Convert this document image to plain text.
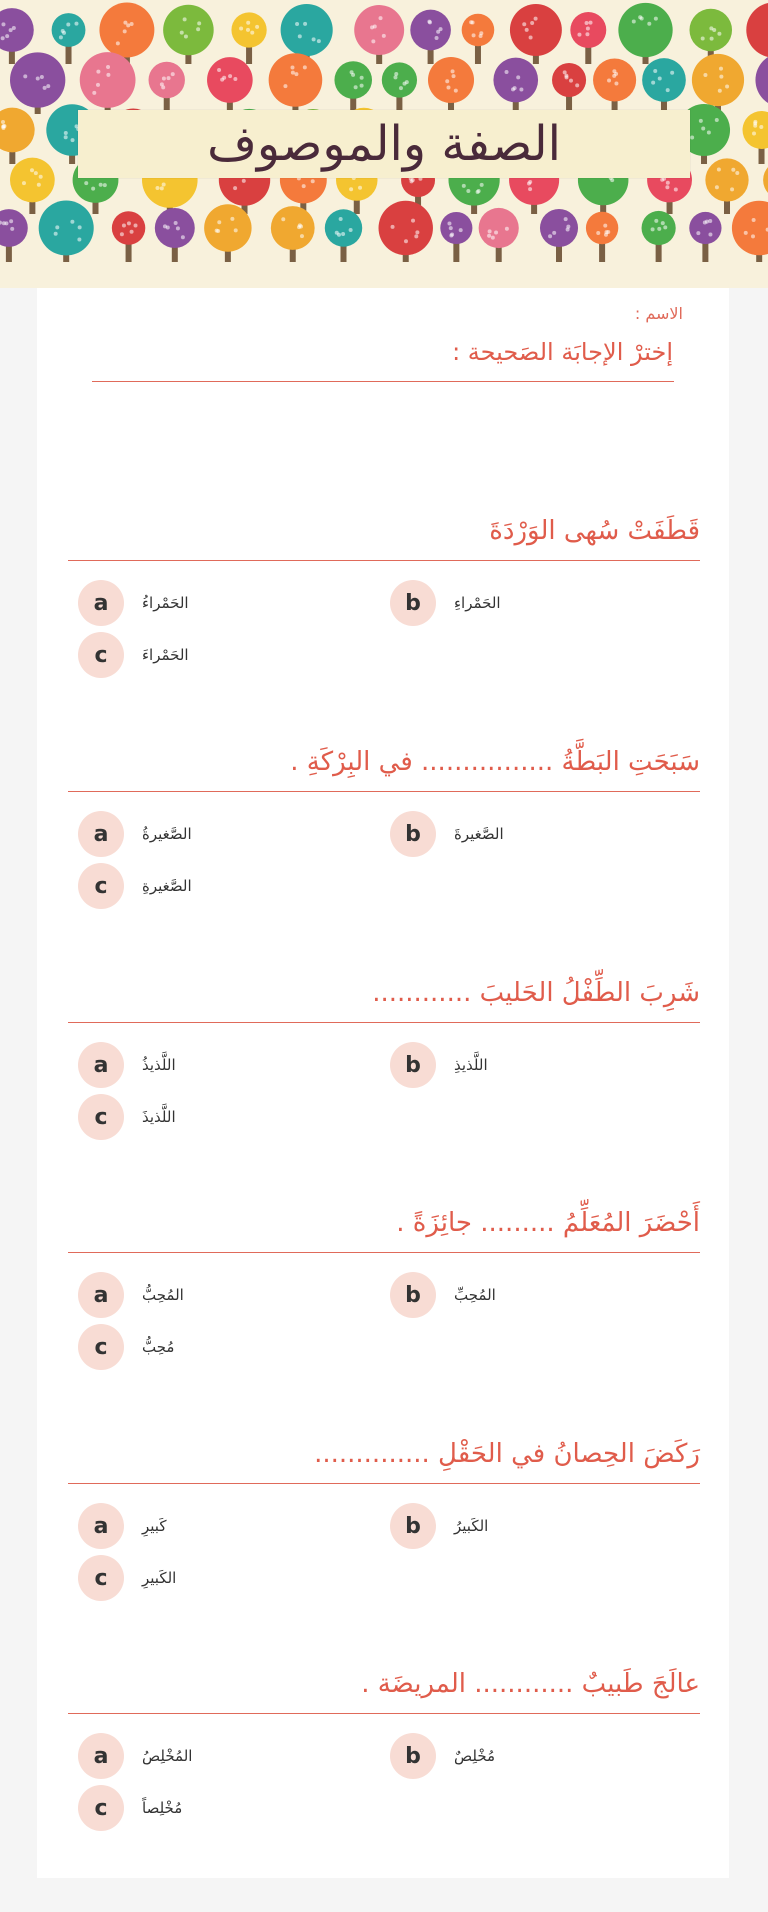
الصفة والموصوف
الاسم :
إخترْ الإجابَة الصَحيحة :
قَطَفَتْ سُهى الوَرْدَةَ
a	الحَمْراءُ	b	الحَمْراءِ
c	الحَمْراءَ
سَبَحَتِ البَطَّةُ ................ في البِرْكَةِ .
a	الصَّغيرةُ	b	الصَّغيرةَ
c	الصَّغيرةِ
شَرِبَ الطِّفْلُ الحَليبَ ............
a	اللَّذيذُ	b	اللَّذيذِ
c	اللَّذيذَ
أَحْضَرَ المُعَلِّمُ ......... جائِزَةً .
a	المُحِبُّ	b	المُحِبِّ
c	مُحِبُّ
رَكَضَ الحِصانُ في الحَقْلِ ..............
a	كَبيرِ	b	الكَبيرُ
c	الكَبيرِ
عالَجَ طَبيبٌ ............ المريضَة .
a	المُخْلِصُ	b	مُخْلِصٌ
c	مُخْلِصاً
